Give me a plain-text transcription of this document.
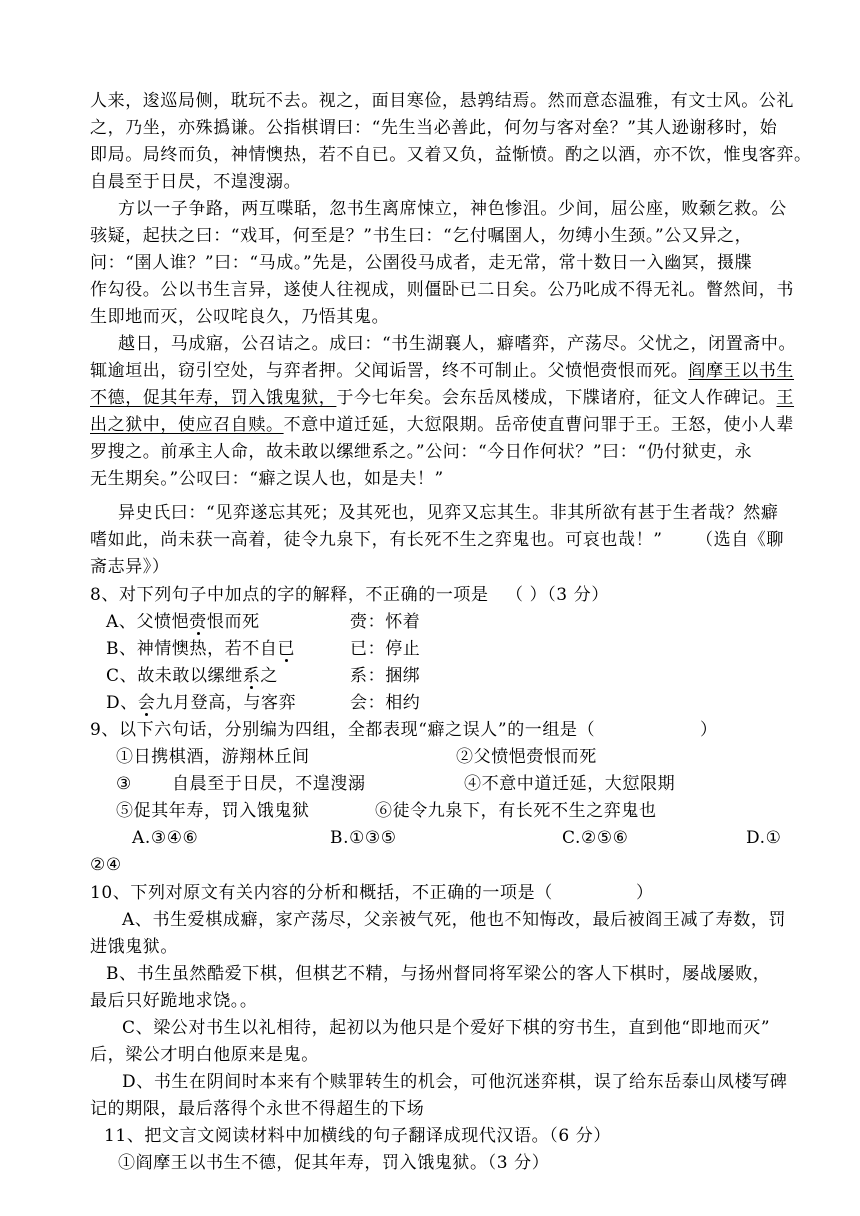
人来，逡巡局侧，耽玩不去。视之，面目寒俭，悬鹑结焉。然而意态温雅，有文士风。公礼
之，乃坐，亦殊撝谦。公指棋谓曰：“先生当必善此，何勿与客对垒？”其人逊谢移时，始
即局。局终而负，神情懊热，若不自已。又着又负，益惭愤。酌之以酒，亦不饮，惟曳客弈。
自晨至于日昃，不遑溲溺。
方以一子争路，两互喋聒，忽书生离席悚立，神色惨沮。少间，屈公座，败颡乞救。公
骇疑，起扶之曰：“戏耳，何至是？”书生曰：“乞付嘱圉人，勿缚小生颈。”公又异之，
问：“圉人谁？”曰：“马成。”先是，公圉役马成者，走无常，常十数日一入幽冥，摄牒
作勾役。公以书生言异，遂使人往视成，则僵卧已二日矣。公乃叱成不得无礼。瞥然间，书
生即地而灭，公叹咤良久，乃悟其鬼。
越日，马成寤，公召诘之。成曰：“书生湖襄人，癖嗜弈，产荡尽。父忧之，闭置斋中。
辄逾垣出，窃引空处，与弈者押。父闻诟詈，终不可制止。父愤悒赍恨而死。阎摩王以书生
不德，促其年寿，罚入饿鬼狱，于今七年矣。会东岳凤楼成，下牒诸府，征文人作碑记。王
出之狱中，使应召自赎。不意中道迁延，大愆限期。岳帝使直曹问罪于王。王怒，使小人辈
罗搜之。前承主人命，故未敢以缧绁系之。”公问：“今日作何状？”曰：“仍付狱吏，永
无生期矣。”公叹曰：“癖之误人也，如是夫！”
异史氏曰：“见弈遂忘其死；及其死也，见弈又忘其生。非其所欲有甚于生者哉？然癖
嗜如此，尚未获一高着，徒令九泉下，有长死不生之弈鬼也。可哀也哉！” （选自《聊
斋志异》）
8、对下列句子中加点的字的解释，不正确的一项是 （ ）（3 分）
A、父愤悒赍恨而死	赍：怀着
B、神情懊热，若不自已	已：停止
C、故未敢以缧绁系之	系：捆绑
D、会九月登高，与客弈	会：相约
9、以下六句话，分别编为四组，全都表现“癖之误人”的一组是（	）
①日携棋酒，游翔林丘间	②父愤悒赍恨而死
③ 自晨至于日昃，不遑溲溺	④不意中道迁延，大愆限期
⑤促其年寿，罚入饿鬼狱	⑥徒令九泉下，有长死不生之弈鬼也
A.③④⑥	B.①③⑤	C.②⑤⑥	D.①
②④
10、下列对原文有关内容的分析和概括，不正确的一项是（	）
A、书生爱棋成癖，家产荡尽，父亲被气死，他也不知悔改，最后被阎王减了寿数，罚
进饿鬼狱。
B、书生虽然酷爱下棋，但棋艺不精，与扬州督同将军梁公的客人下棋时，屡战屡败，
最后只好跪地求饶。。
C、梁公对书生以礼相待，起初以为他只是个爱好下棋的穷书生，直到他“即地而灭”
后，梁公才明白他原来是鬼。
D、书生在阴间时本来有个赎罪转生的机会，可他沉迷弈棋，误了给东岳泰山凤楼写碑
记的期限，最后落得个永世不得超生的下场
11、把文言文阅读材料中加横线的句子翻译成现代汉语。（6 分）
①阎摩王以书生不德，促其年寿，罚入饿鬼狱。（3 分）
